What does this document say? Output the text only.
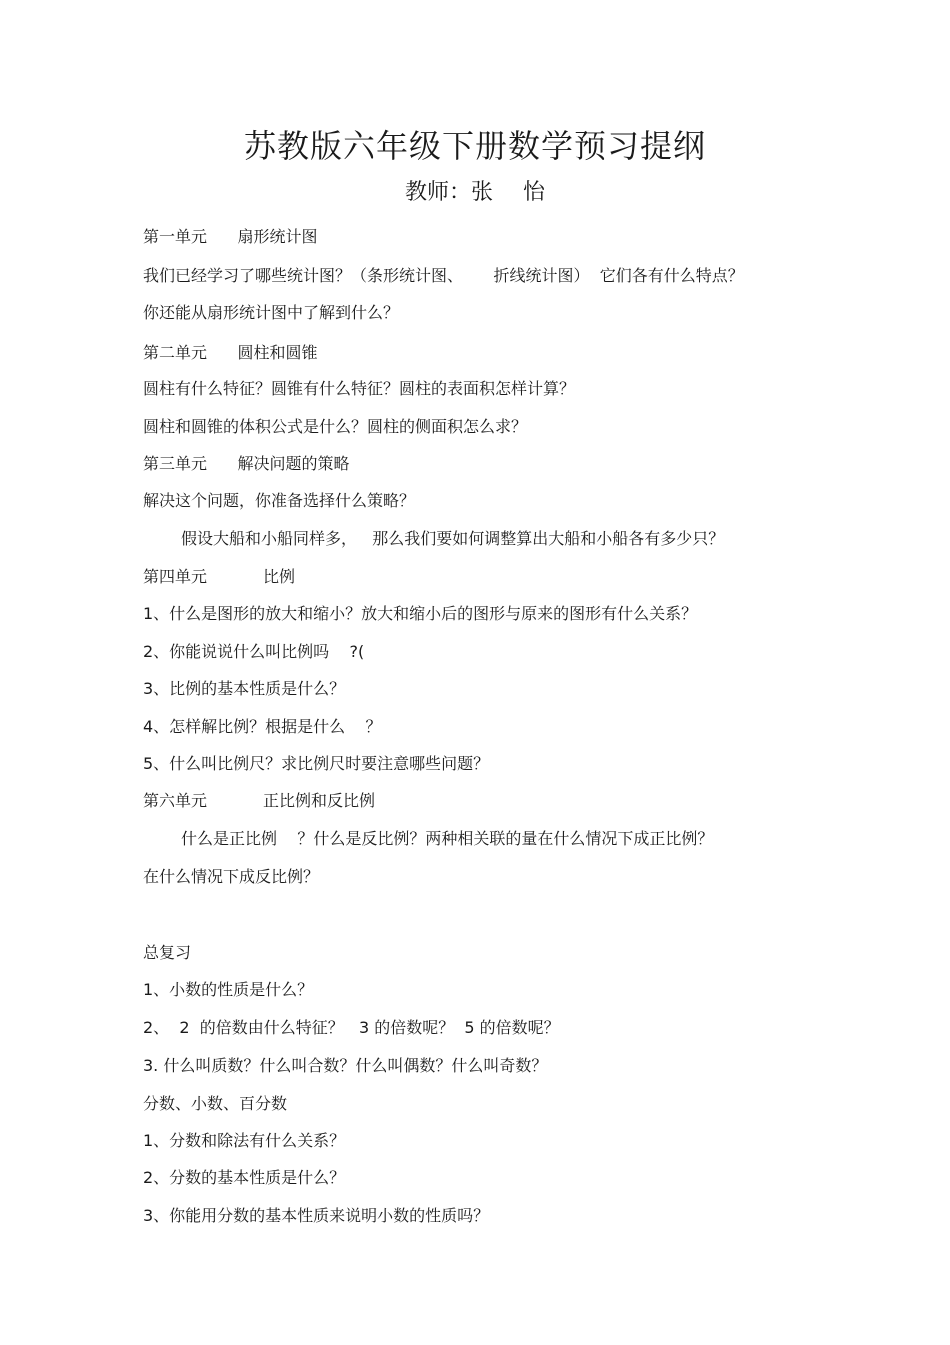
苏教版六年级下册数学预习提纲
教师：张 怡
第一单元      扇形统计图
我们已经学习了哪些统计图？（条形统计图、      折线统计图）  它们各有什么特点？
你还能从扇形统计图中了解到什么？
第二单元      圆柱和圆锥
圆柱有什么特征？圆锥有什么特征？圆柱的表面积怎样计算？
圆柱和圆锥的体积公式是什么？圆柱的侧面积怎么求？
第三单元      解决问题的策略
解决这个问题，你准备选择什么策略？
假设大船和小船同样多，   那么我们要如何调整算出大船和小船各有多少只？
第四单元           比例
1、什么是图形的放大和缩小？放大和缩小后的图形与原来的图形有什么关系？
2、你能说说什么叫比例吗    ?(
3、比例的基本性质是什么？
4、怎样解比例？根据是什么    ？
5、什么叫比例尺？求比例尺时要注意哪些问题？
第六单元           正比例和反比例
什么是正比例    ？什么是反比例？两种相关联的量在什么情况下成正比例？
在什么情况下成反比例？
总复习
1、小数的性质是什么？
2、  2  的倍数由什么特征？   3 的倍数呢？  5 的倍数呢？
3. 什么叫质数？什么叫合数？什么叫偶数？什么叫奇数？
分数、小数、百分数
1、分数和除法有什么关系？
2、分数的基本性质是什么？
3、你能用分数的基本性质来说明小数的性质吗？
